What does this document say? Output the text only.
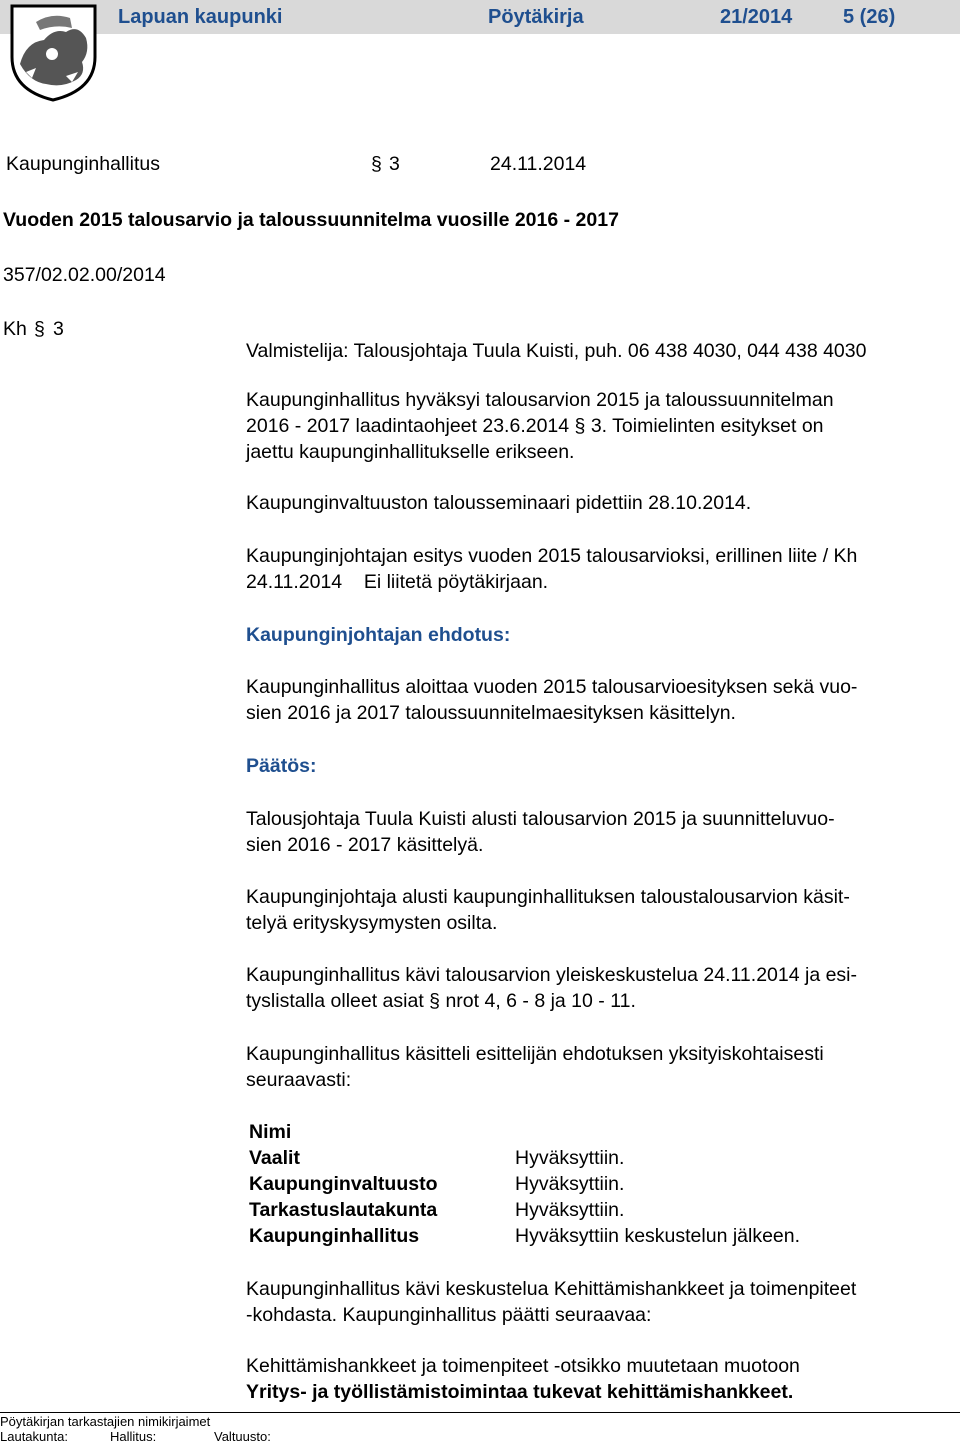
Lapuan kaupunki	Pöytäkirja	21/2014	5 (26)
Kaupunginhallitus	§ 3	24.11.2014
Vuoden 2015 talousarvio ja taloussuunnitelma vuosille 2016 - 2017
357/02.02.00/2014
Kh § 3
Valmistelija: Talousjohtaja Tuula Kuisti, puh. 06 438 4030, 044 438 4030
Kaupunginhallitus hyväksyi talousarvion 2015 ja taloussuunnitelman
2016 - 2017 laadintaohjeet 23.6.2014 § 3. Toimielinten esitykset on
jaettu kaupunginhallitukselle erikseen.
Kaupunginvaltuuston talousseminaari pidettiin 28.10.2014.
Kaupunginjohtajan esitys vuoden 2015 talousarvioksi, erillinen liite / Kh
24.11.2014    Ei liitetä pöytäkirjaan.
Kaupunginjohtajan ehdotus:
Kaupunginhallitus aloittaa vuoden 2015 talousarvioesityksen sekä vuo-
sien 2016 ja 2017 taloussuunnitelmaesityksen käsittelyn.
Päätös:
Talousjohtaja Tuula Kuisti alusti talousarvion 2015 ja suunnitteluvuo-
sien 2016 - 2017 käsittelyä.
Kaupunginjohtaja alusti kaupunginhallituksen taloustalousarvion käsit-
telyä erityskysymysten osilta.
Kaupunginhallitus kävi talousarvion yleiskeskustelua 24.11.2014 ja esi-
tyslistalla olleet asiat § nrot 4, 6 - 8 ja 10 - 11.
Kaupunginhallitus käsitteli esittelijän ehdotuksen yksityiskohtaisesti
seuraavasti:
Nimi
Vaalit	Hyväksyttiin.
Kaupunginvaltuusto	Hyväksyttiin.
Tarkastuslautakunta	Hyväksyttiin.
Kaupunginhallitus	Hyväksyttiin keskustelun jälkeen.
Kaupunginhallitus kävi keskustelua Kehittämishankkeet ja toimenpiteet
-kohdasta. Kaupunginhallitus päätti seuraavaa:
Kehittämishankkeet ja toimenpiteet -otsikko muutetaan muotoon
Yritys- ja työllistämistoimintaa tukevat kehittämishankkeet.
Pöytäkirjan tarkastajien nimikirjaimet
Lautakunta:	Hallitus:	Valtuusto:
